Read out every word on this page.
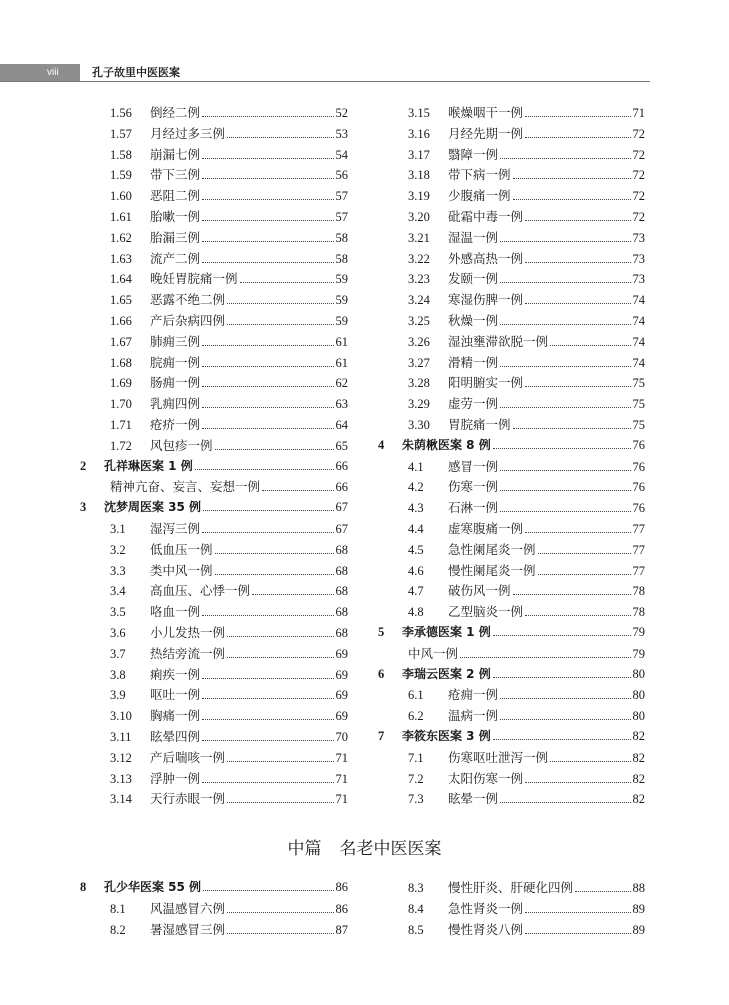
viii	孔子故里中医医案
1.56	倒经二例	52
1.57	月经过多三例	53
1.58	崩漏七例	54
1.59	带下三例	56
1.60	恶阻二例	57
1.61	胎嗽一例	57
1.62	胎漏三例	58
1.63	流产二例	58
1.64	晚妊胃脘痛一例	59
1.65	恶露不绝二例	59
1.66	产后杂病四例	59
1.67	肺痈三例	61
1.68	脘痈一例	61
1.69	肠痈一例	62
1.70	乳痈四例	63
1.71	疮疥一例	64
1.72	风包疹一例	65
2	孔祥琳医案 1 例	66
精神亢奋、妄言、妄想一例	66
3	沈梦周医案 35 例	67
3.1	湿泻三例	67
3.2	低血压一例	68
3.3	类中风一例	68
3.4	高血压、心悸一例	68
3.5	咯血一例	68
3.6	小儿发热一例	68
3.7	热结旁流一例	69
3.8	痢疾一例	69
3.9	呕吐一例	69
3.10	胸痛一例	69
3.11	眩晕四例	70
3.12	产后喘咳一例	71
3.13	浮肿一例	71
3.14	天行赤眼一例	71
3.15	喉燥咽干一例	71
3.16	月经先期一例	72
3.17	翳障一例	72
3.18	带下病一例	72
3.19	少腹痛一例	72
3.20	砒霜中毒一例	72
3.21	湿温一例	73
3.22	外感高热一例	73
3.23	发颐一例	73
3.24	寒湿伤脾一例	74
3.25	秋燥一例	74
3.26	湿浊壅滞欲脱一例	74
3.27	滑精一例	74
3.28	阳明腑实一例	75
3.29	虚劳一例	75
3.30	胃脘痛一例	75
4	朱荫楸医案 8 例	76
4.1	感冒一例	76
4.2	伤寒一例	76
4.3	石淋一例	76
4.4	虚寒腹痛一例	77
4.5	急性阑尾炎一例	77
4.6	慢性阑尾炎一例	77
4.7	破伤风一例	78
4.8	乙型脑炎一例	78
5	李承德医案 1 例	79
中风一例	79
6	李瑞云医案 2 例	80
6.1	疮痈一例	80
6.2	温病一例	80
7	李筱东医案 3 例	82
7.1	伤寒呕吐泄泻一例	82
7.2	太阳伤寒一例	82
7.3	眩晕一例	82
中篇 名老中医医案
8	孔少华医案 55 例	86
8.1	风温感冒六例	86
8.2	暑湿感冒三例	87
8.3	慢性肝炎、肝硬化四例	88
8.4	急性肾炎一例	89
8.5	慢性肾炎八例	89
